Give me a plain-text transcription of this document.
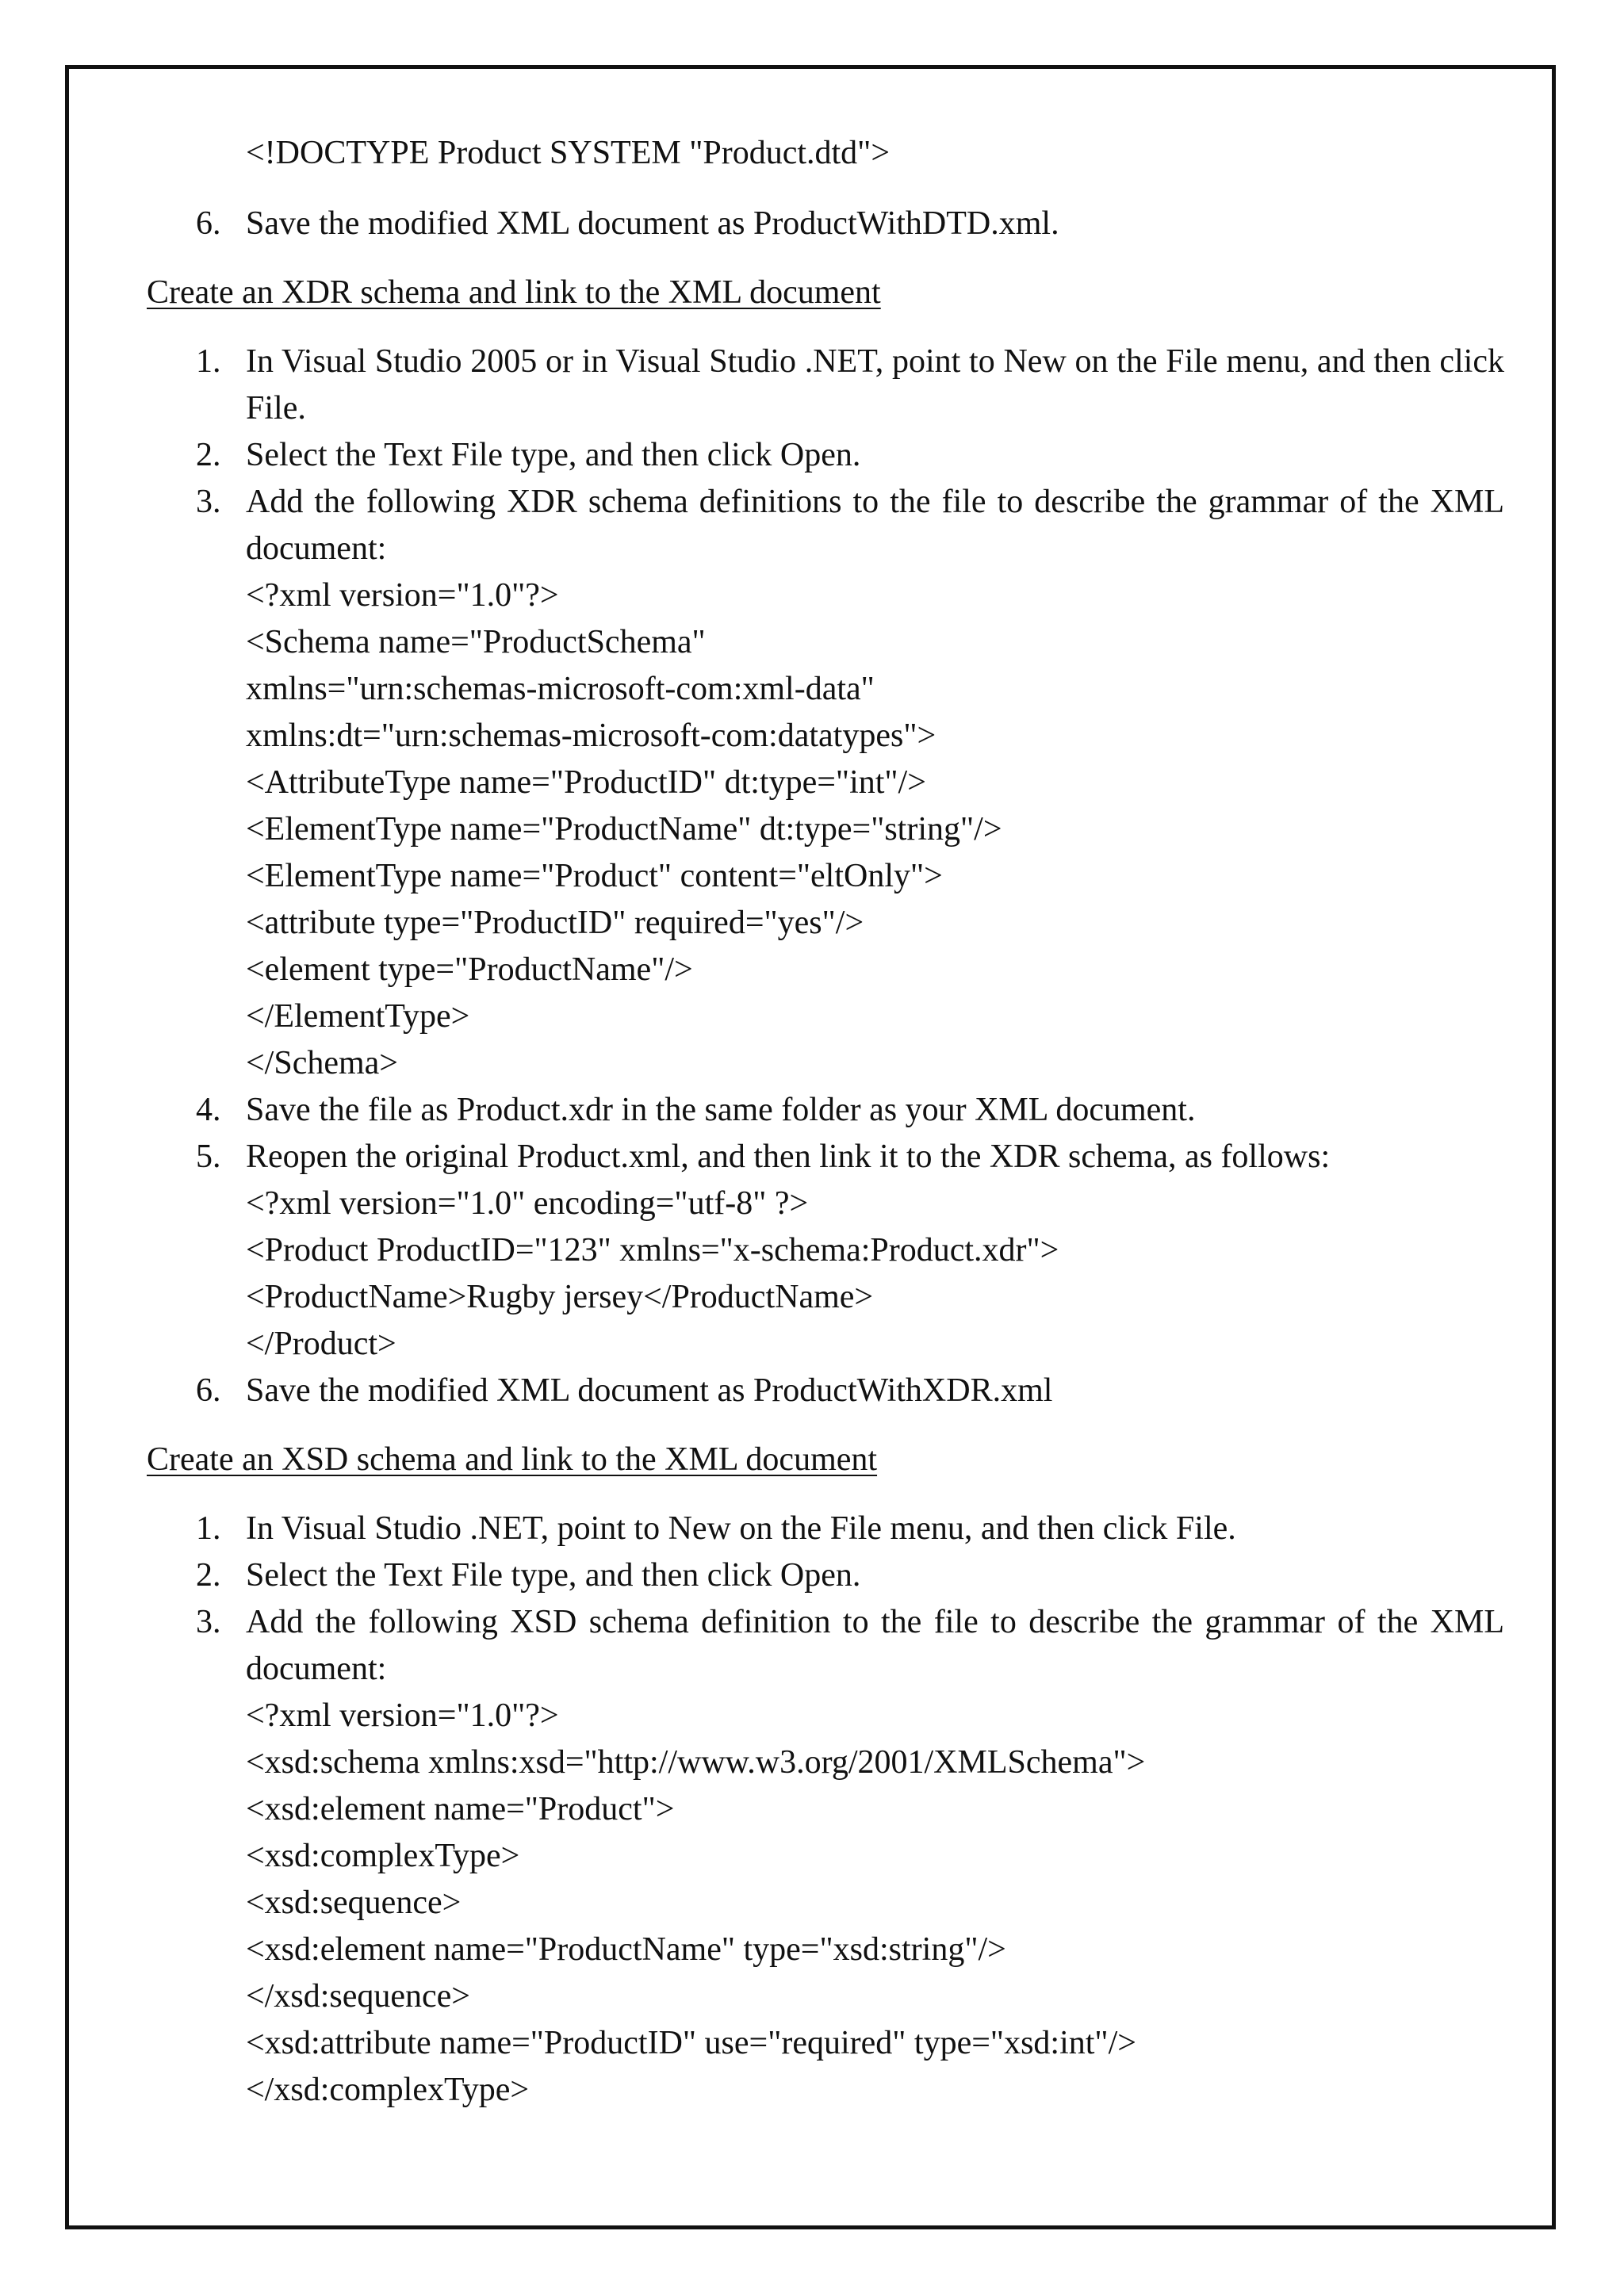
<!DOCTYPE Product SYSTEM "Product.dtd">
6. Save the modified XML document as ProductWithDTD.xml.
Create an XDR schema and link to the XML document
1. In Visual Studio 2005 or in Visual Studio .NET, point to New on the File menu, and then click File.
2. Select the Text File type, and then click Open.
3. Add the following XDR schema definitions to the file to describe the grammar of the XML document:
<?xml version="1.0"?>
<Schema name="ProductSchema"
xmlns="urn:schemas-microsoft-com:xml-data"
xmlns:dt="urn:schemas-microsoft-com:datatypes">
<AttributeType name="ProductID" dt:type="int"/>
<ElementType name="ProductName" dt:type="string"/>
<ElementType name="Product" content="eltOnly">
<attribute type="ProductID" required="yes"/>
<element type="ProductName"/>
</ElementType>
</Schema>
4. Save the file as Product.xdr in the same folder as your XML document.
5. Reopen the original Product.xml, and then link it to the XDR schema, as follows:
<?xml version="1.0" encoding="utf-8" ?>
<Product ProductID="123" xmlns="x-schema:Product.xdr">
<ProductName>Rugby jersey</ProductName>
</Product>
6. Save the modified XML document as ProductWithXDR.xml
Create an XSD schema and link to the XML document
1. In Visual Studio .NET, point to New on the File menu, and then click File.
2. Select the Text File type, and then click Open.
3. Add the following XSD schema definition to the file to describe the grammar of the XML document:
<?xml version="1.0"?>
<xsd:schema xmlns:xsd="http://www.w3.org/2001/XMLSchema">
<xsd:element name="Product">
<xsd:complexType>
<xsd:sequence>
<xsd:element name="ProductName" type="xsd:string"/>
</xsd:sequence>
<xsd:attribute name="ProductID" use="required" type="xsd:int"/>
</xsd:complexType>
